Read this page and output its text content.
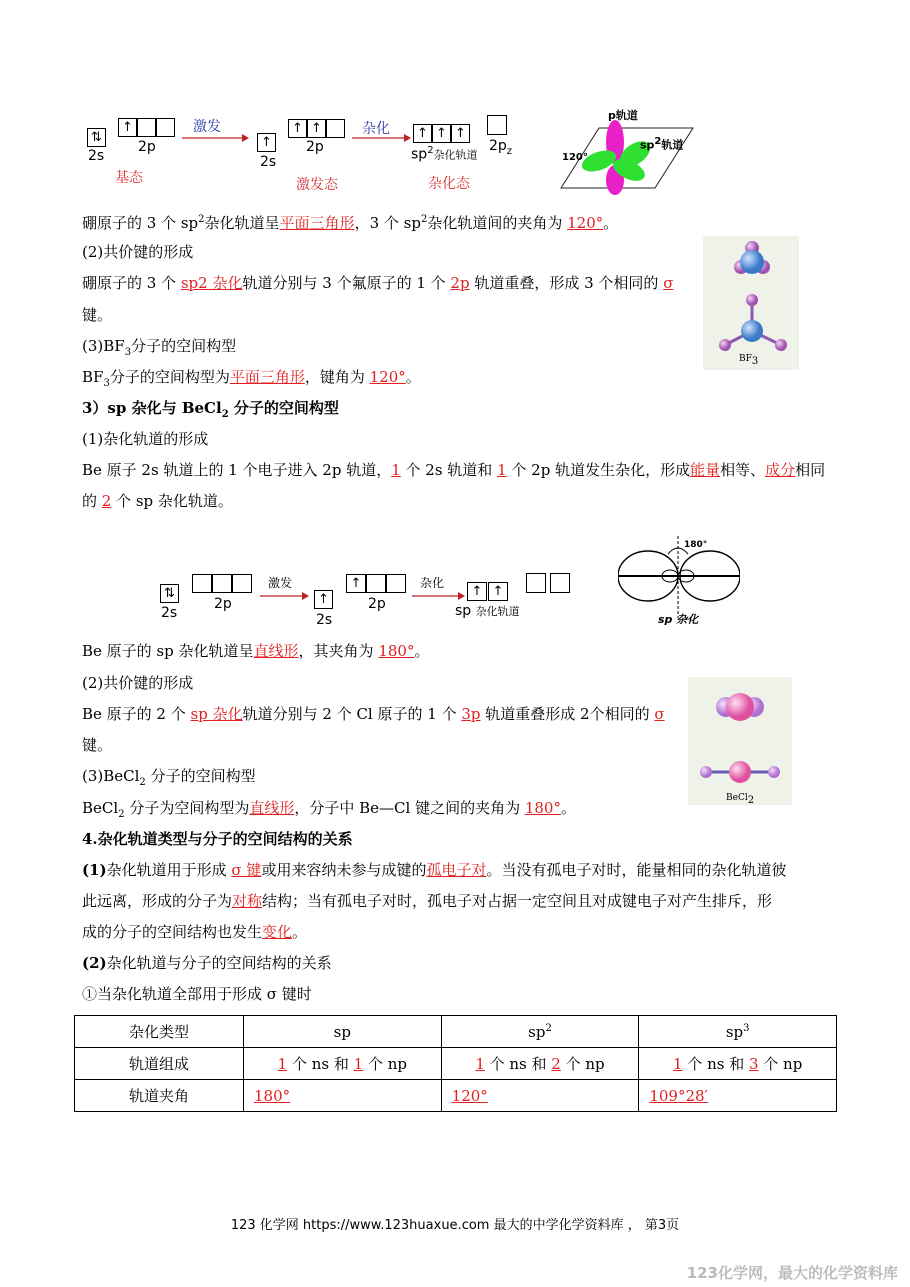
⇅
2s
↑
2p
激发
基态
↑
2s
↑ ↑
2p
杂化
激发态
↑ ↑ ↑
$sp^2$杂化轨道
$2p_z$
杂化态
p轨道
sp2轨道
120°
硼原子的 3 个 $sp^2$杂化轨道呈平面三角形，3 个 $sp^2$杂化轨道间的夹角为 120°。
(2)共价键的形成
硼原子的 3 个 sp2 杂化轨道分别与 3 个氟原子的 1 个 2p 轨道重叠，形成 3 个相同的 σ
键。
$(3)BF_3$分子的空间构型
$BF_3$分子的空间构型为平面三角形，键角为 120°。
BF3
3）sp 杂化与 BeCl$_2$ 分子的空间构型
(1)杂化轨道的形成
Be 原子 2s 轨道上的 1 个电子进入 2p 轨道，1 个 2s 轨道和 1 个 2p 轨道发生杂化，形成能量相等、成分相同
的 2 个 sp 杂化轨道。
⇅
2s
2p
激发
↑
2s
↑
2p
杂化
↑ ↑
sp 杂化轨道
180°
sp 杂化
Be 原子的 sp 杂化轨道呈直线形，其夹角为 180°。
(2)共价键的形成
Be 原子的 2 个 sp 杂化轨道分别与 2 个 Cl 原子的 1 个 3p 轨道重叠形成 2个相同的 σ
键。
(3)BeCl$_2$ 分子的空间构型
BeCl$_2$ 分子为空间构型为直线形，分子中 Be—Cl 键之间的夹角为 180°。
BeCl2
4.杂化轨道类型与分子的空间结构的关系
(1)杂化轨道用于形成 σ 键或用来容纳未参与成键的孤电子对。当没有孤电子对时，能量相同的杂化轨道彼
此远离，形成的分子为对称结构；当有孤电子对时，孤电子对占据一定空间且对成键电子对产生排斥，形
成的分子的空间结构也发生变化。
(2)杂化轨道与分子的空间结构的关系
①当杂化轨道全部用于形成 σ 键时
杂化类型	sp	$sp^2$	$sp^3$
轨道组成	1 个 ns 和 1 个 np	1 个 ns 和 2 个 np	1 个 ns 和 3 个 np
轨道夹角	180°	120°	109°28′
123 化学网 https://www.123huaxue.com 最大的中学化学资料库 ， 第3页
123化学网，最大的化学资料库
